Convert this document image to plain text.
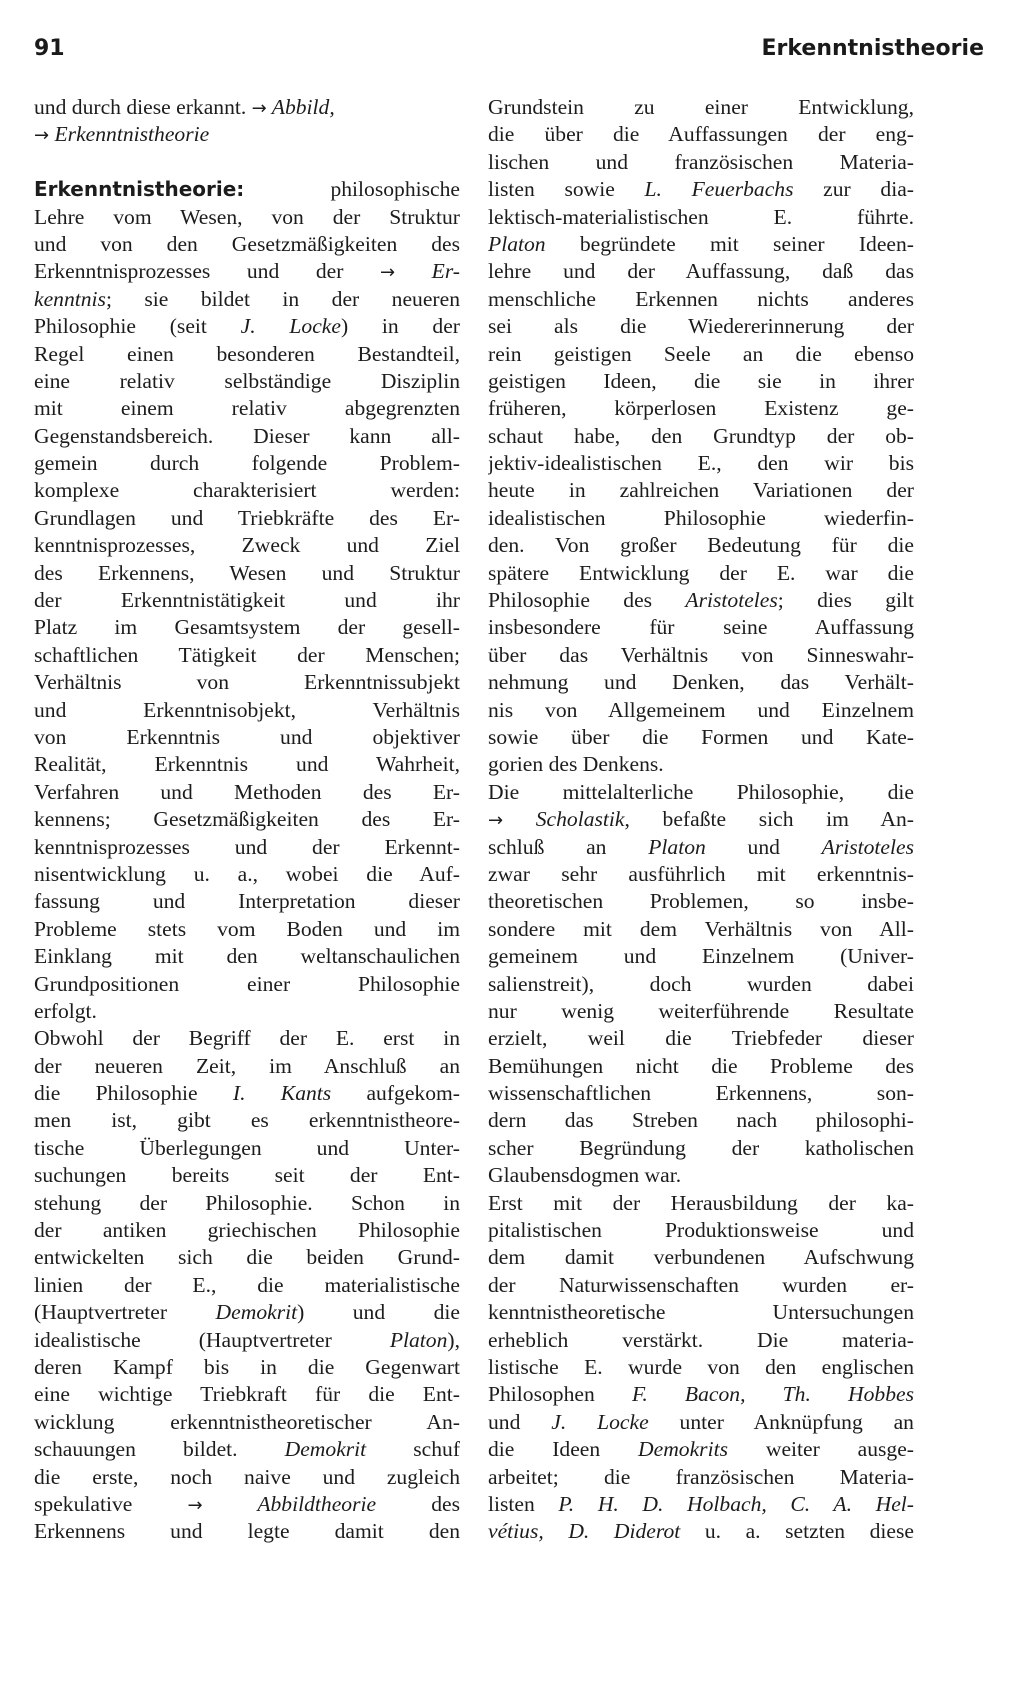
91	Erkenntnistheorie
und durch diese erkannt. → Abbild,
→ Erkenntnistheorie
Erkenntnistheorie: philosophische
Lehre vom Wesen, von der Struktur
und von den Gesetzmäßigkeiten des
Erkenntnisprozesses und der → Er-
kenntnis; sie bildet in der neueren
Philosophie (seit J. Locke) in der
Regel einen besonderen Bestandteil,
eine relativ selbständige Disziplin
mit einem relativ abgegrenzten
Gegenstandsbereich. Dieser kann all-
gemein durch folgende Problem-
komplexe charakterisiert werden:
Grundlagen und Triebkräfte des Er-
kenntnisprozesses, Zweck und Ziel
des Erkennens, Wesen und Struktur
der Erkenntnistätigkeit und ihr
Platz im Gesamtsystem der gesell-
schaftlichen Tätigkeit der Menschen;
Verhältnis von Erkenntnissubjekt
und Erkenntnisobjekt, Verhältnis
von Erkenntnis und objektiver
Realität, Erkenntnis und Wahrheit,
Verfahren und Methoden des Er-
kennens; Gesetzmäßigkeiten des Er-
kenntnisprozesses und der Erkennt-
nisentwicklung u. a., wobei die Auf-
fassung und Interpretation dieser
Probleme stets vom Boden und im
Einklang mit den weltanschaulichen
Grundpositionen einer Philosophie
erfolgt.
Obwohl der Begriff der E. erst in
der neueren Zeit, im Anschluß an
die Philosophie I. Kants aufgekom-
men ist, gibt es erkenntnistheore-
tische Überlegungen und Unter-
suchungen bereits seit der Ent-
stehung der Philosophie. Schon in
der antiken griechischen Philosophie
entwickelten sich die beiden Grund-
linien der E., die materialistische
(Hauptvertreter Demokrit) und die
idealistische (Hauptvertreter Platon),
deren Kampf bis in die Gegenwart
eine wichtige Triebkraft für die Ent-
wicklung erkenntnistheoretischer An-
schauungen bildet. Demokrit schuf
die erste, noch naive und zugleich
spekulative → Abbildtheorie des
Erkennens und legte damit den
Grundstein zu einer Entwicklung,
die über die Auffassungen der eng-
lischen und französischen Materia-
listen sowie L. Feuerbachs zur dia-
lektisch-materialistischen E. führte.
Platon begründete mit seiner Ideen-
lehre und der Auffassung, daß das
menschliche Erkennen nichts anderes
sei als die Wiedererinnerung der
rein geistigen Seele an die ebenso
geistigen Ideen, die sie in ihrer
früheren, körperlosen Existenz ge-
schaut habe, den Grundtyp der ob-
jektiv-idealistischen E., den wir bis
heute in zahlreichen Variationen der
idealistischen Philosophie wiederfin-
den. Von großer Bedeutung für die
spätere Entwicklung der E. war die
Philosophie des Aristoteles; dies gilt
insbesondere für seine Auffassung
über das Verhältnis von Sinneswahr-
nehmung und Denken, das Verhält-
nis von Allgemeinem und Einzelnem
sowie über die Formen und Kate-
gorien des Denkens.
Die mittelalterliche Philosophie, die
→ Scholastik, befaßte sich im An-
schluß an Platon und Aristoteles
zwar sehr ausführlich mit erkenntnis-
theoretischen Problemen, so insbe-
sondere mit dem Verhältnis von All-
gemeinem und Einzelnem (Univer-
salienstreit), doch wurden dabei
nur wenig weiterführende Resultate
erzielt, weil die Triebfeder dieser
Bemühungen nicht die Probleme des
wissenschaftlichen Erkennens, son-
dern das Streben nach philosophi-
scher Begründung der katholischen
Glaubensdogmen war.
Erst mit der Herausbildung der ka-
pitalistischen Produktionsweise und
dem damit verbundenen Aufschwung
der Naturwissenschaften wurden er-
kenntnistheoretische Untersuchungen
erheblich verstärkt. Die materia-
listische E. wurde von den englischen
Philosophen F. Bacon, Th. Hobbes
und J. Locke unter Anknüpfung an
die Ideen Demokrits weiter ausge-
arbeitet; die französischen Materia-
listen P. H. D. Holbach, C. A. Hel-
vétius, D. Diderot u. a. setzten diese
